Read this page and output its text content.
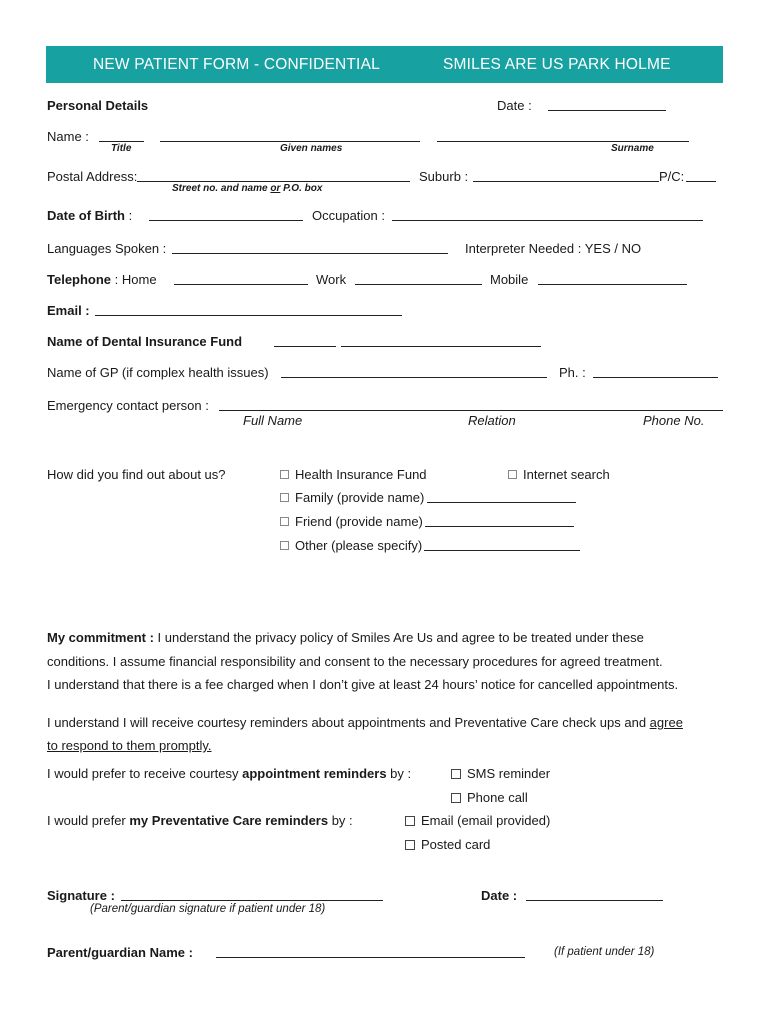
NEW PATIENT FORM - CONFIDENTIAL	SMILES ARE US PARK HOLME
Personal Details	Date :
Name :
Title	Given names	Surname
Postal Address:	Suburb :	P/C:
Street no. and name or P.O. box
Date of Birth :	Occupation :
Languages Spoken :	Interpreter Needed : YES / NO
Telephone : Home	Work	Mobile
Email :
Name of Dental Insurance Fund
Name of GP (if complex health issues)	Ph. :
Emergency contact person :
Full Name	Relation	Phone No.
How did you find out about us?	Health Insurance Fund	Internet search
Family (provide name)
Friend (provide name)
Other (please specify)
My commitment : I understand the privacy policy of Smiles Are Us and agree to be treated under these
conditions. I assume financial responsibility and consent to the necessary procedures for agreed treatment.
I understand that there is a fee charged when I don’t give at least 24 hours’ notice for cancelled appointments.
I understand I will receive courtesy reminders about appointments and Preventative Care check ups and agree
to respond to them promptly.
I would prefer to receive courtesy appointment reminders by :	SMS reminder
Phone call
I would prefer my Preventative Care reminders by :	Email (email provided)
Posted card
Signature :	Date :
(Parent/guardian signature if patient under 18)
Parent/guardian Name :	(If patient under 18)
